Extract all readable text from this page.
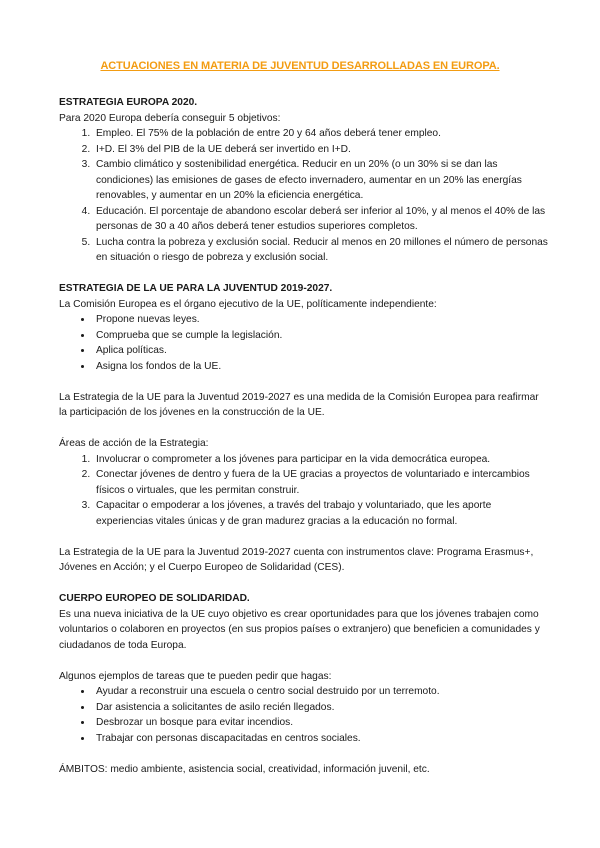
ACTUACIONES EN MATERIA DE JUVENTUD DESARROLLADAS EN EUROPA.

ESTRATEGIA EUROPA 2020.

Para 2020 Europa debería conseguir 5 objetivos:

1. Empleo. El 75% de la población de entre 20 y 64 años deberá tener empleo.
2. I+D. El 3% del PIB de la UE deberá ser invertido en I+D.
3. Cambio climático y sostenibilidad energética. Reducir en un 20% (o un 30% si se dan las condiciones) las emisiones de gases de efecto invernadero, aumentar en un 20% las energías renovables, y aumentar en un 20% la eficiencia energética.
4. Educación. El porcentaje de abandono escolar deberá ser inferior al 10%, y al menos el 40% de las personas de 30 a 40 años deberá tener estudios superiores completos.
5. Lucha contra la pobreza y exclusión social. Reducir al menos en 20 millones el número de personas en situación o riesgo de pobreza y exclusión social.

ESTRATEGIA DE LA UE PARA LA JUVENTUD 2019-2027.

La Comisión Europea es el órgano ejecutivo de la UE, políticamente independiente:

• Propone nuevas leyes.
• Comprueba que se cumple la legislación.
• Aplica políticas.
• Asigna los fondos de la UE.

La Estrategia de la UE para la Juventud 2019-2027 es una medida de la Comisión Europea para reafirmar la participación de los jóvenes en la construcción de la UE.

Áreas de acción de la Estrategia:

1. Involucrar o comprometer a los jóvenes para participar en la vida democrática europea.
2. Conectar jóvenes de dentro y fuera de la UE gracias a proyectos de voluntariado e intercambios físicos o virtuales, que les permitan construir.
3. Capacitar o empoderar a los jóvenes, a través del trabajo y voluntariado, que les aporte experiencias vitales únicas y de gran madurez gracias a la educación no formal.

La Estrategia de la UE para la Juventud 2019-2027 cuenta con instrumentos clave: Programa Erasmus+, Jóvenes en Acción; y el Cuerpo Europeo de Solidaridad (CES).

CUERPO EUROPEO DE SOLIDARIDAD.

Es una nueva iniciativa de la UE cuyo objetivo es crear oportunidades para que los jóvenes trabajen como voluntarios o colaboren en proyectos (en sus propios países o extranjero) que beneficien a comunidades y ciudadanos de toda Europa.

Algunos ejemplos de tareas que te pueden pedir que hagas:

• Ayudar a reconstruir una escuela o centro social destruido por un terremoto.
• Dar asistencia a solicitantes de asilo recién llegados.
• Desbrozar un bosque para evitar incendios.
• Trabajar con personas discapacitadas en centros sociales.

ÁMBITOS: medio ambiente, asistencia social, creatividad, información juvenil, etc.
